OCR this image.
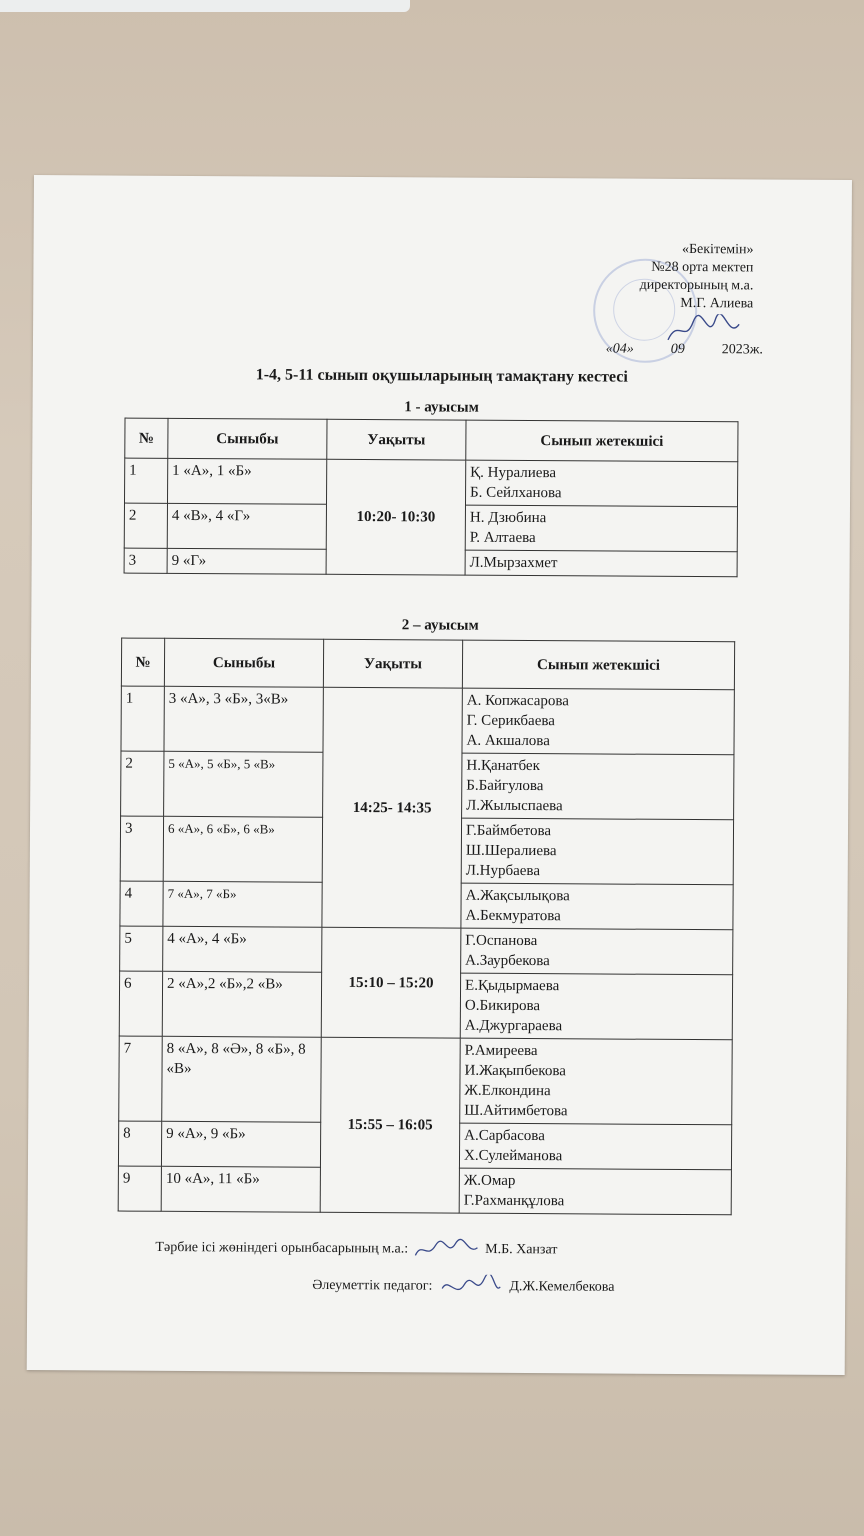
«Бекітемін»
№28 орта мектеп
директорының м.а.
М.Г. Алиева
«04»	09	2023ж.
1-4, 5-11 сынып оқушыларының тамақтану кестесі
1 - ауысым
№	Сыныбы	Уақыты	Сынып жетекшісі
1	1 «А», 1 «Б»	10:20- 10:30	Қ. Нуралиева
Б. Сейлханова

2	4 «В», 4 «Г»		Н. Дзюбина
Р. Алтаева

3	9 «Г»		Л.Мырзахмет
2 – ауысым
№	Сыныбы	Уақыты	Сынып жетекшісі
1	3 «А», 3 «Б», 3«В»	14:25- 14:35	А. Копжасарова
Г. Серикбаева
А. Акшалова

2	5 «А», 5 «Б», 5 «В»		Н.Қанатбек
Б.Байгулова
Л.Жылыспаева

3	6 «А», 6 «Б», 6 «В»		Г.Баймбетова
Ш.Шералиева
Л.Нурбаева

4	7 «А», 7 «Б»		А.Жақсылықова
А.Бекмуратова

5	4 «А», 4 «Б»	15:10 – 15:20	Г.Оспанова
А.Заурбекова

6	2 «А»,2 «Б»,2 «В»		Е.Қыдырмаева
О.Бикирова
А.Джургараева

7	8 «А», 8 «Ә», 8 «Б», 8 «В»	15:55 – 16:05	Р.Амиреева
И.Жақыпбекова
Ж.Елкондина
Ш.Айтимбетова

8	9 «А», 9 «Б»		А.Сарбасова
Х.Сулейманова

9	10 «А», 11 «Б»		Ж.Омар
Г.Рахманқұлова
Тәрбие ісі жөніндегі орынбасарының м.а.:	М.Б. Ханзат
Әлеуметтік педагог:	Д.Ж.Кемелбекова
